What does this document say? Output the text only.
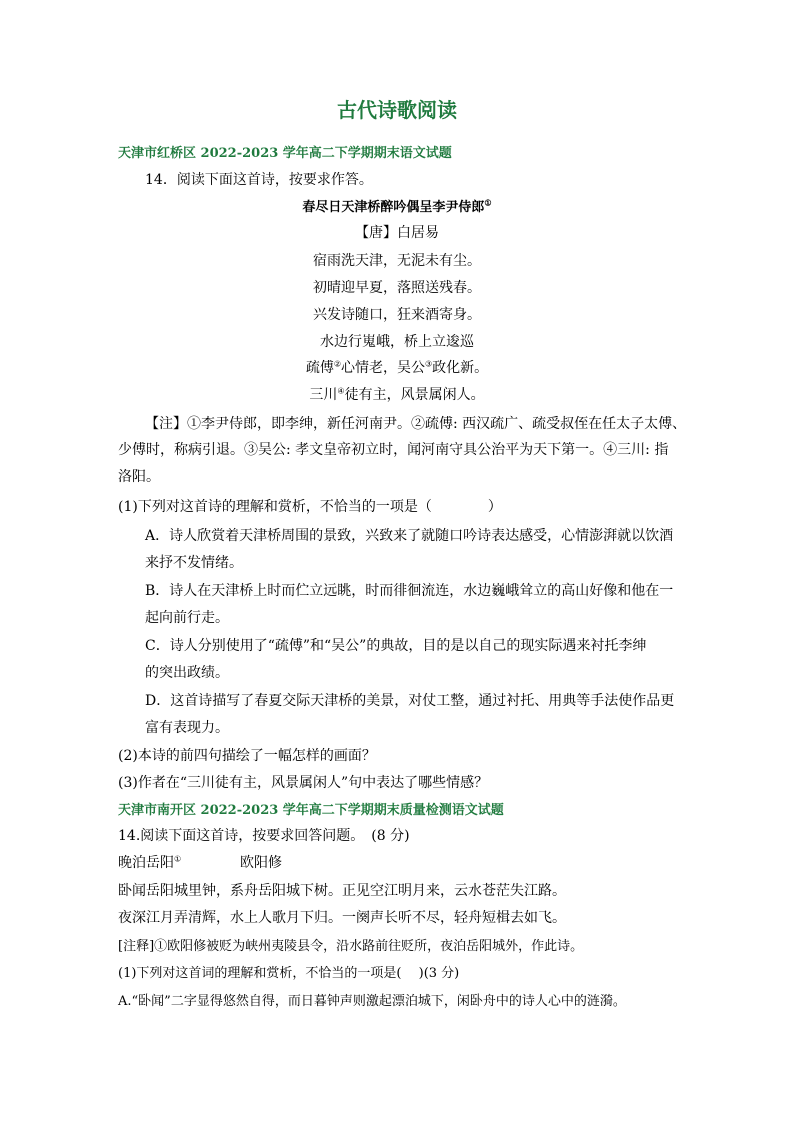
古代诗歌阅读
天津市红桥区 2022-2023 学年高二下学期期末语文试题
14．阅读下面这首诗，按要求作答。
春尽日天津桥醉吟偶呈李尹侍郎①
【唐】白居易
宿雨洗天津，无泥未有尘。
初晴迎早夏，落照送残春。
兴发诗随口，狂来酒寄身。
水边行嵬峨，桥上立逡巡
疏傅②心情老，吴公③政化新。
三川④徒有主，风景属闲人。
【注】①李尹侍郎，即李绅，新任河南尹。②疏傅: 西汉疏广、疏受叔侄在任太子太傅、
少傅时，称病引退。③吴公: 孝文皇帝初立时，闻河南守具公治平为天下第一。④三川: 指
洛阳。
(1)下列对这首诗的理解和赏析，不恰当的一项是（　　　　）
A．诗人欣赏着天津桥周围的景致，兴致来了就随口吟诗表达感受，心情澎湃就以饮酒
来抒不发情绪。
B．诗人在天津桥上时而伫立远眺，时而徘徊流连，水边巍峨耸立的高山好像和他在一
起向前行走。
C．诗人分别使用了“疏傅”和“吴公”的典故，目的是以自己的现实际遇来衬托李绅
的突出政绩。
D．这首诗描写了春夏交际天津桥的美景，对仗工整，通过衬托、用典等手法使作品更
富有表现力。
(2)本诗的前四句描绘了一幅怎样的画面？
(3)作者在“三川徒有主，风景属闲人”句中表达了哪些情感？
天津市南开区 2022-2023 学年高二下学期期末质量检测语文试题
14.阅读下面这首诗，按要求回答问题。　(8 分)
晚泊岳阳①	欧阳修
卧闻岳阳城里钟，系舟岳阳城下树。正见空江明月来，云水苍茫失江路。
夜深江月弄清辉，水上人歌月下归。一阕声长听不尽，轻舟短楫去如飞。
[注释]①欧阳修被贬为峡州夷陵县令，沿水路前往贬所，夜泊岳阳城外，作此诗。
(1)下列对这首词的理解和赏析，不恰当的一项是(　 )(3 分)
A.“卧闻”二字显得悠然自得，而日暮钟声则激起漂泊城下，闲卧舟中的诗人心中的涟漪。
